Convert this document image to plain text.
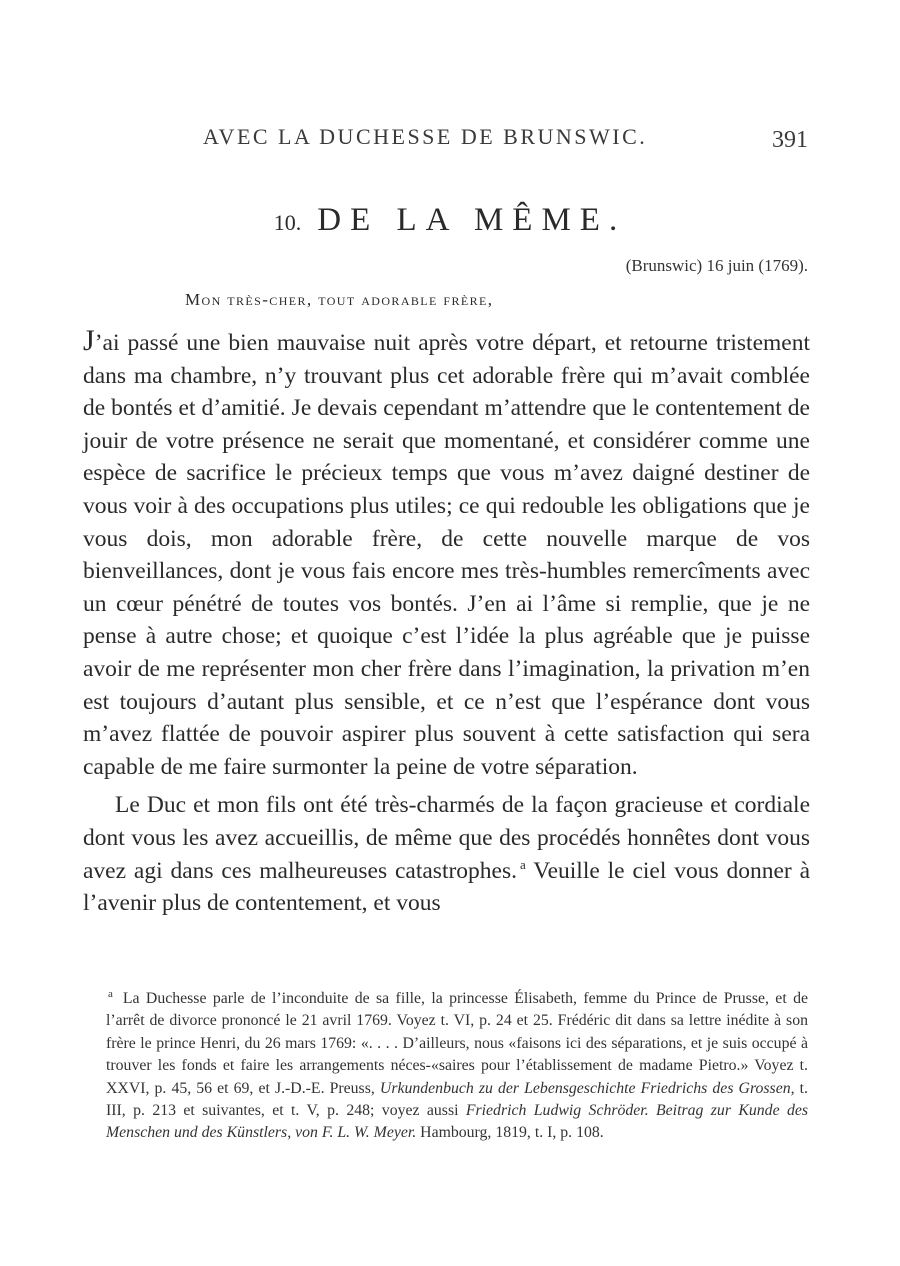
AVEC LA DUCHESSE DE BRUNSWIC.	391
10. DE LA MÊME.
(Brunswic) 16 juin (1769).
Mon très-cher, tout adorable frère,

J’ai passé une bien mauvaise nuit après votre départ, et retourne tristement dans ma chambre, n’y trouvant plus cet adorable frère qui m’avait comblée de bontés et d’amitié. Je devais cependant m’attendre que le contentement de jouir de votre présence ne serait que momentané, et considérer comme une espèce de sacrifice le précieux temps que vous m’avez daigné destiner de vous voir à des occupations plus utiles; ce qui redouble les obligations que je vous dois, mon adorable frère, de cette nouvelle marque de vos bienveillances, dont je vous fais encore mes très-humbles remercîments avec un cœur pénétré de toutes vos bontés. J’en ai l’âme si remplie, que je ne pense à autre chose; et quoique c’est l’idée la plus agréable que je puisse avoir de me représenter mon cher frère dans l’imagination, la privation m’en est toujours d’autant plus sensible, et ce n’est que l’espérance dont vous m’avez flattée de pouvoir aspirer plus souvent à cette satisfaction qui sera capable de me faire surmonter la peine de votre séparation.

Le Duc et mon fils ont été très-charmés de la façon gracieuse et cordiale dont vous les avez accueillis, de même que des procédés honnêtes dont vous avez agi dans ces malheureuses catastrophes. $^a$ Veuille le ciel vous donner à l’avenir plus de contentement, et vous

$^a$ La Duchesse parle de l’inconduite de sa fille, la princesse Élisabeth, femme du Prince de Prusse, et de l’arrêt de divorce prononcé le 21 avril 1769. Voyez t. VI, p. 24 et 25. Frédéric dit dans sa lettre inédite à son frère le prince Henri, du 26 mars 1769: «. . . . D’ailleurs, nous «faisons ici des séparations, et je suis occupé à trouver les fonds et faire les arrangements néces-«saires pour l’établissement de madame Pietro.» Voyez t. XXVI, p. 45, 56 et 69, et J.-D.-E. Preuss, Urkundenbuch zu der Lebensgeschichte Friedrichs des Grossen, t. III, p. 213 et suivantes, et t. V, p. 248; voyez aussi Friedrich Ludwig Schröder. Beitrag zur Kunde des Menschen und des Künstlers, von F. L. W. Meyer. Hambourg, 1819, t. I, p. 108.
